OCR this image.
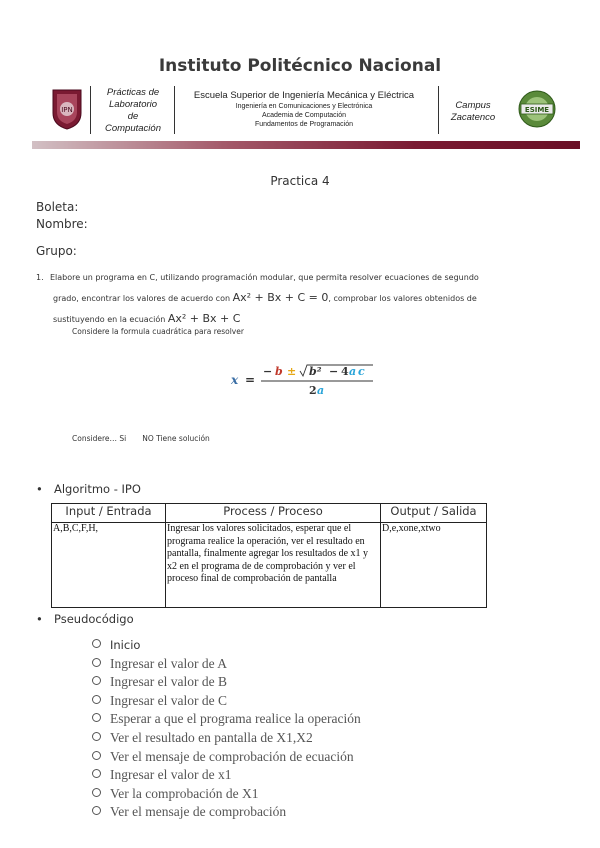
Instituto Politécnico Nacional
IPN
Prácticas de
Laboratorio
de
Computación
Escuela Superior de Ingeniería Mecánica y Eléctrica
Ingeniería en Comunicaciones y Electrónica
Academia de Computación
Fundamentos de Programación
Campus
Zacatenco
ESIME
Practica 4
Boleta:
Nombre:
Grupo:
1. Elabore un programa en C, utilizando programación modular, que permita resolver ecuaciones de segundo
grado, encontrar los valores de acuerdo con Ax² + Bx + C = 0, comprobar los valores obtenidos de
sustituyendo en la ecuación Ax² + Bx + C
Considere la formula cuadrática para resolver
x =
− b ± b² − 4 a c
2 a
Considere… Si NO Tiene solución
• Algoritmo - IPO
Input / Entrada	Process / Proceso	Output / Salida
A,B,C,F,H,	Ingresar los valores solicitados, esperar que el programa realice la operación, ver el resultado en pantalla, finalmente agregar los resultados de x1 y x2 en el programa de de comprobación y ver el proceso final de comprobación de pantalla	D,e,xone,xtwo
• Pseudocódigo
Inicio
Ingresar el valor de A
Ingresar el valor de B
Ingresar el valor de C
Esperar a que el programa realice la operación
Ver el resultado en pantalla de X1,X2
Ver el mensaje de comprobación de ecuación
Ingresar el valor de x1
Ver la comprobación de X1
Ver el mensaje de comprobación
